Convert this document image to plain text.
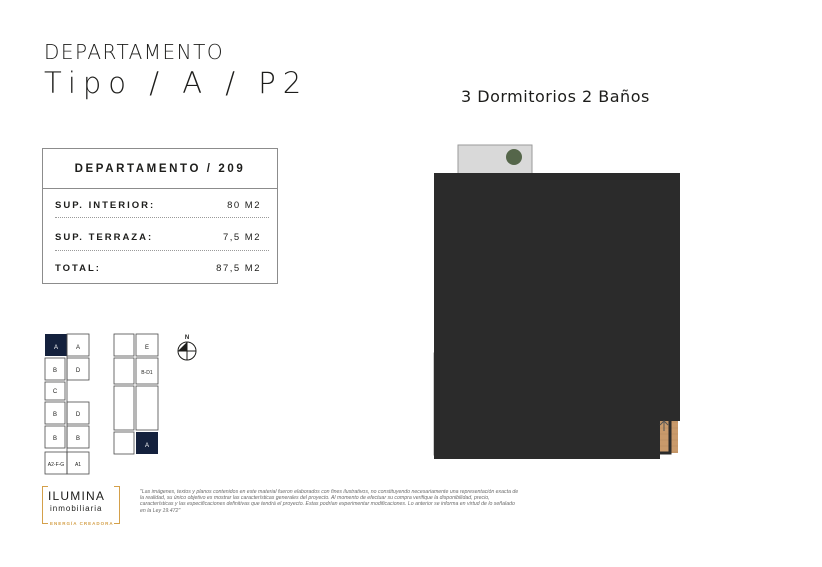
DEPARTAMENTO
Tipo / A / P2	3 Dormitorios 2 Baños
DEPARTAMENTO / 209
SUP. INTERIOR:	80 M2
SUP. TERRAZA:	7,5 M2
TOTAL:	87,5 M2
A	A
B	D
C
B	D
B	B
A2-F-G A1
E
B-D1
A
N
ILUMINA
inmobiliaria
ENERGÍA CREADORA
"Las imágenes, textos y planos contenidos en este material fueron elaborados con fines ilustrativos, no constituyendo necesariamente una representación exacta de la realidad, su único objetivo es mostrar las características generales del proyecto. Al momento de efectuar su compra verifique la disponibilidad, precio, características y las especificaciones definitivas que tendrá el proyecto. Estas podrían experimentar modificaciones. Lo anterior se informa en virtud de lo señalado en la Ley 19.472"
